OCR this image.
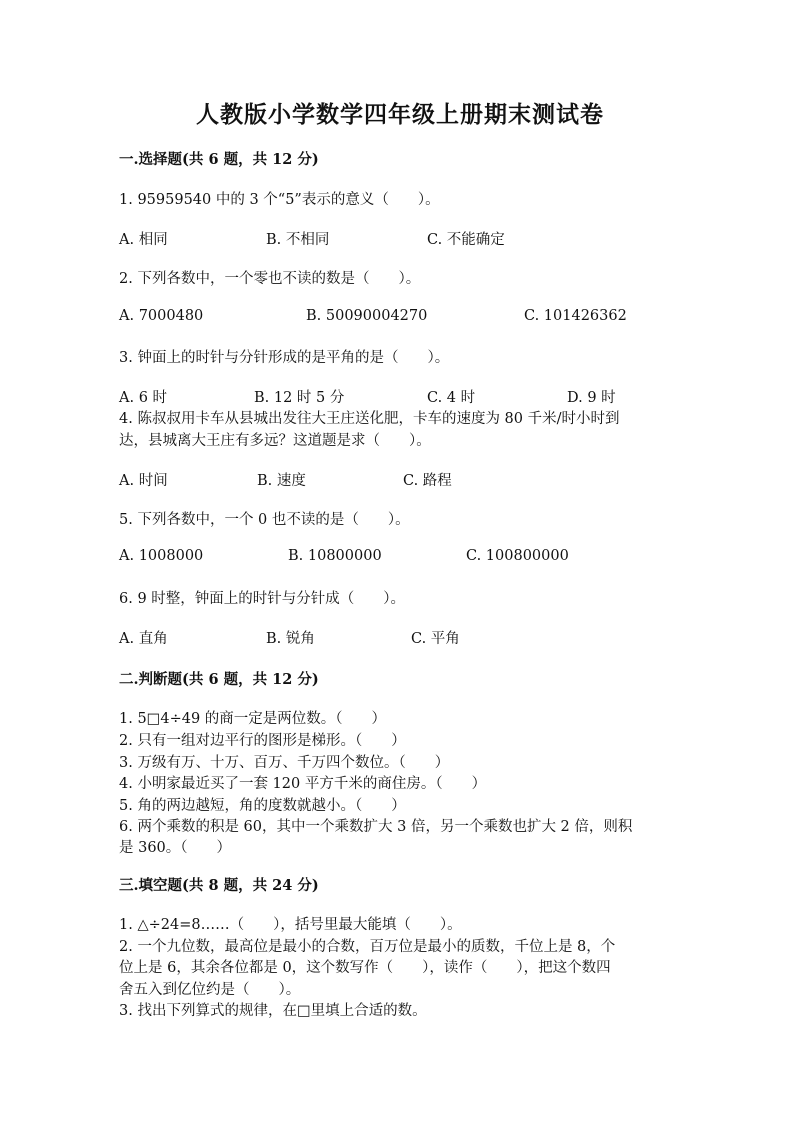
人教版小学数学四年级上册期末测试卷
一.选择题(共 6 题，共 12 分)
1. 95959540 中的 3 个“5”表示的意义（　　）。
A. 相同	B. 不相同	C. 不能确定
2. 下列各数中，一个零也不读的数是（　　）。
A. 7000480	B. 50090004270	C. 101426362
3. 钟面上的时针与分针形成的是平角的是（　　）。
A. 6 时	B. 12 时 5 分	C. 4 时	D. 9 时
4. 陈叔叔用卡车从县城出发往大王庄送化肥，卡车的速度为 80 千米/时小时到
达，县城离大王庄有多远？这道题是求（　　）。
A. 时间	B. 速度	C. 路程
5. 下列各数中，一个 0 也不读的是（　　）。
A. 1008000	B. 10800000	C. 100800000
6. 9 时整，钟面上的时针与分针成（　　）。
A. 直角	B. 锐角	C. 平角
二.判断题(共 6 题，共 12 分)
1. 5□4÷49 的商一定是两位数。（　　）
2. 只有一组对边平行的图形是梯形。（　　）
3. 万级有万、十万、百万、千万四个数位。（　　）
4. 小明家最近买了一套 120 平方千米的商住房。（　　）
5. 角的两边越短，角的度数就越小。（　　）
6. 两个乘数的积是 60，其中一个乘数扩大 3 倍，另一个乘数也扩大 2 倍，则积
是 360。（　　）
三.填空题(共 8 题，共 24 分)
1. △÷24=8……（　　），括号里最大能填（　　）。
2. 一个九位数，最高位是最小的合数，百万位是最小的质数，千位上是 8，个
位上是 6，其余各位都是 0，这个数写作（　　），读作（　　），把这个数四
舍五入到亿位约是（　　）。
3. 找出下列算式的规律，在□里填上合适的数。
